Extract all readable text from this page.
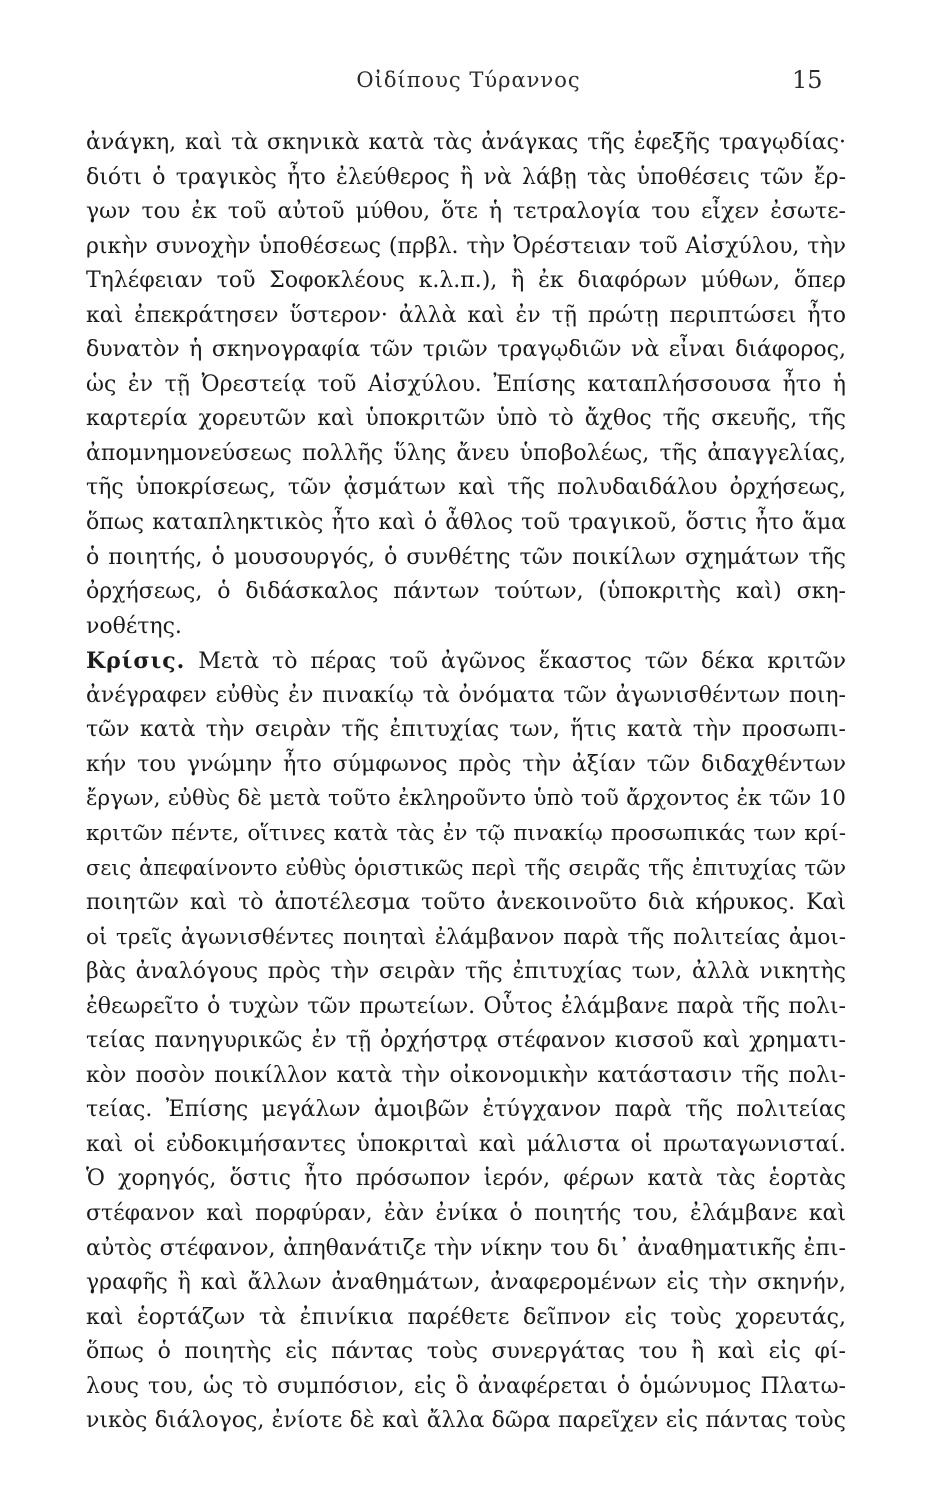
Οἰδίπους Τύραννος	15
ἀνάγκη, καὶ τὰ σκηνικὰ κατὰ τὰς ἀνάγκας τῆς ἐφεξῆς τραγῳδίας·
διότι ὁ τραγικὸς ἦτο ἐλεύθερος ἢ νὰ λάβῃ τὰς ὑποθέσεις τῶν ἔρ-
γων του ἐκ τοῦ αὐτοῦ μύθου, ὅτε ἡ τετραλογία του εἶχεν ἐσωτε-
ρικὴν συνοχὴν ὑποθέσεως (πρβλ. τὴν Ὀρέστειαν τοῦ Αἰσχύλου, τὴν
Τηλέφειαν τοῦ Σοφοκλέους κ.λ.π.), ἢ ἐκ διαφόρων μύθων, ὅπερ
καὶ ἐπεκράτησεν ὕστερον· ἀλλὰ καὶ ἐν τῇ πρώτῃ περιπτώσει ἦτο
δυνατὸν ἡ σκηνογραφία τῶν τριῶν τραγῳδιῶν νὰ εἶναι διάφορος,
ὡς ἐν τῇ Ὀρεστείᾳ τοῦ Αἰσχύλου. Ἐπίσης καταπλήσσουσα ἦτο ἡ
καρτερία χορευτῶν καὶ ὑποκριτῶν ὑπὸ τὸ ἄχθος τῆς σκευῆς, τῆς
ἀπομνημονεύσεως πολλῆς ὕλης ἄνευ ὑποβολέως, τῆς ἀπαγγελίας,
τῆς ὑποκρίσεως, τῶν ᾀσμάτων καὶ τῆς πολυδαιδάλου ὀρχήσεως,
ὅπως καταπληκτικὸς ἦτο καὶ ὁ ἆθλος τοῦ τραγικοῦ, ὅστις ἦτο ἅμα
ὁ ποιητής, ὁ μουσουργός, ὁ συνθέτης τῶν ποικίλων σχημάτων τῆς
ὀρχήσεως, ὁ διδάσκαλος πάντων τούτων, (ὑποκριτὴς καὶ) σκη-
νοθέτης.
Κρίσις. Μετὰ τὸ πέρας τοῦ ἀγῶνος ἕκαστος τῶν δέκα κριτῶν
ἀνέγραφεν εὐθὺς ἐν πινακίῳ τὰ ὀνόματα τῶν ἀγωνισθέντων ποιη-
τῶν κατὰ τὴν σειρὰν τῆς ἐπιτυχίας των, ἥτις κατὰ τὴν προσωπι-
κήν του γνώμην ἦτο σύμφωνος πρὸς τὴν ἀξίαν τῶν διδαχθέντων
ἔργων, εὐθὺς δὲ μετὰ τοῦτο ἐκληροῦντο ὑπὸ τοῦ ἄρχοντος ἐκ τῶν 10
κριτῶν πέντε, οἵτινες κατὰ τὰς ἐν τῷ πινακίῳ προσωπικάς των κρί-
σεις ἀπεφαίνοντο εὐθὺς ὁριστικῶς περὶ τῆς σειρᾶς τῆς ἐπιτυχίας τῶν
ποιητῶν καὶ τὸ ἀποτέλεσμα τοῦτο ἀνεκοινοῦτο διὰ κήρυκος. Καὶ
οἱ τρεῖς ἀγωνισθέντες ποιηταὶ ἐλάμβανον παρὰ τῆς πολιτείας ἀμοι-
βὰς ἀναλόγους πρὸς τὴν σειρὰν τῆς ἐπιτυχίας των, ἀλλὰ νικητὴς
ἐθεωρεῖτο ὁ τυχὼν τῶν πρωτείων. Οὗτος ἐλάμβανε παρὰ τῆς πολι-
τείας πανηγυρικῶς ἐν τῇ ὀρχήστρᾳ στέφανον κισσοῦ καὶ χρηματι-
κὸν ποσὸν ποικίλλον κατὰ τὴν οἰκονομικὴν κατάστασιν τῆς πολι-
τείας. Ἐπίσης μεγάλων ἀμοιβῶν ἐτύγχανον παρὰ τῆς πολιτείας
καὶ οἱ εὐδοκιμήσαντες ὑποκριταὶ καὶ μάλιστα οἱ πρωταγωνισταί.
Ὁ χορηγός, ὅστις ἦτο πρόσωπον ἱερόν, φέρων κατὰ τὰς ἑορτὰς
στέφανον καὶ πορφύραν, ἐὰν ἐνίκα ὁ ποιητής του, ἐλάμβανε καὶ
αὐτὸς στέφανον, ἀπηθανάτιζε τὴν νίκην του δι᾽ ἀναθηματικῆς ἐπι-
γραφῆς ἢ καὶ ἄλλων ἀναθημάτων, ἀναφερομένων εἰς τὴν σκηνήν,
καὶ ἑορτάζων τὰ ἐπινίκια παρέθετε δεῖπνον εἰς τοὺς χορευτάς,
ὅπως ὁ ποιητὴς εἰς πάντας τοὺς συνεργάτας του ἢ καὶ εἰς φί-
λους του, ὡς τὸ συμπόσιον, εἰς ὃ ἀναφέρεται ὁ ὁμώνυμος Πλατω-
νικὸς διάλογος, ἐνίοτε δὲ καὶ ἄλλα δῶρα παρεῖχεν εἰς πάντας τοὺς
